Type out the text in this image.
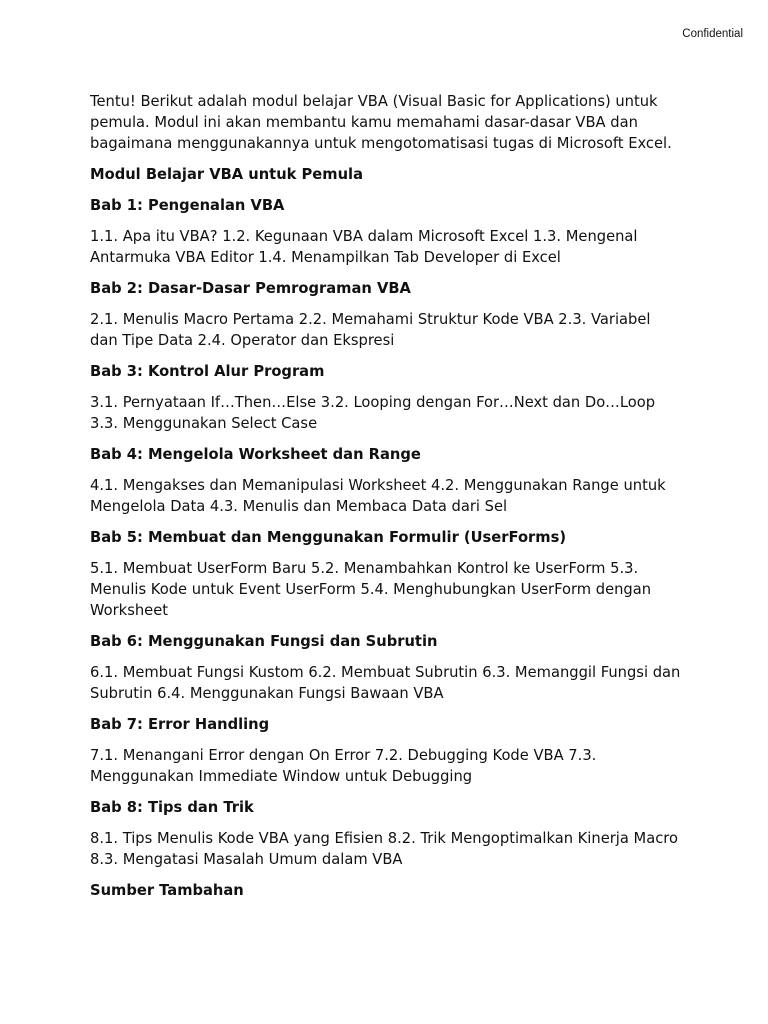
Confidential

Tentu! Berikut adalah modul belajar VBA (Visual Basic for Applications) untuk pemula. Modul ini akan membantu kamu memahami dasar-dasar VBA dan bagaimana menggunakannya untuk mengotomatisasi tugas di Microsoft Excel.

Modul Belajar VBA untuk Pemula

Bab 1: Pengenalan VBA

1.1. Apa itu VBA? 1.2. Kegunaan VBA dalam Microsoft Excel 1.3. Mengenal Antarmuka VBA Editor 1.4. Menampilkan Tab Developer di Excel

Bab 2: Dasar-Dasar Pemrograman VBA

2.1. Menulis Macro Pertama 2.2. Memahami Struktur Kode VBA 2.3. Variabel dan Tipe Data 2.4. Operator dan Ekspresi

Bab 3: Kontrol Alur Program

3.1. Pernyataan If…Then…Else 3.2. Looping dengan For…Next dan Do…Loop 3.3. Menggunakan Select Case

Bab 4: Mengelola Worksheet dan Range

4.1. Mengakses dan Memanipulasi Worksheet 4.2. Menggunakan Range untuk Mengelola Data 4.3. Menulis dan Membaca Data dari Sel

Bab 5: Membuat dan Menggunakan Formulir (UserForms)

5.1. Membuat UserForm Baru 5.2. Menambahkan Kontrol ke UserForm 5.3. Menulis Kode untuk Event UserForm 5.4. Menghubungkan UserForm dengan Worksheet

Bab 6: Menggunakan Fungsi dan Subrutin

6.1. Membuat Fungsi Kustom 6.2. Membuat Subrutin 6.3. Memanggil Fungsi dan Subrutin 6.4. Menggunakan Fungsi Bawaan VBA

Bab 7: Error Handling

7.1. Menangani Error dengan On Error 7.2. Debugging Kode VBA 7.3. Menggunakan Immediate Window untuk Debugging

Bab 8: Tips dan Trik

8.1. Tips Menulis Kode VBA yang Efisien 8.2. Trik Mengoptimalkan Kinerja Macro 8.3. Mengatasi Masalah Umum dalam VBA

Sumber Tambahan
